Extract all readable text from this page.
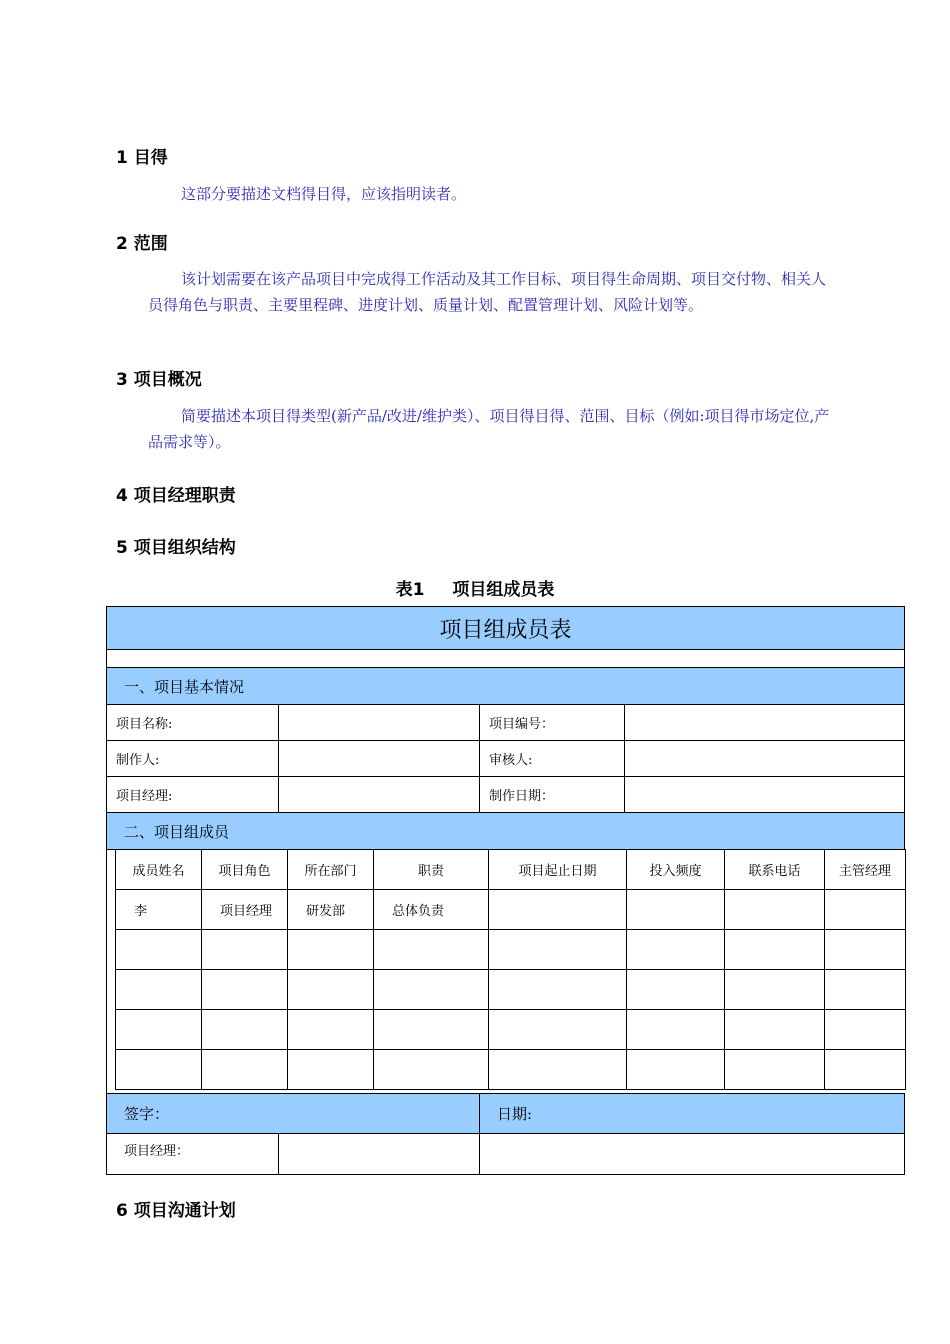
1 目得
这部分要描述文档得目得，应该指明读者。
2 范围
该计划需要在该产品项目中完成得工作活动及其工作目标、项目得生命周期、项目交付物、相关人员得角色与职责、主要里程碑、进度计划、质量计划、配置管理计划、风险计划等。
3 项目概况
简要描述本项目得类型(新产品/改进/维护类）、项目得目得、范围、目标（例如:项目得市场定位,产品需求等）。
4 项目经理职责
5 项目组织结构
表1 项目组成员表
项目组成员表
一、项目基本情况
项目名称:	项目编号：
制作人:	审核人:
项目经理:	制作日期：
二、项目组成员
成员姓名	项目角色	所在部门	职责	项目起止日期	投入频度	联系电话	主管经理
李	项目经理	研发部	总体负责
签字：	日期:
项目经理：
6 项目沟通计划
